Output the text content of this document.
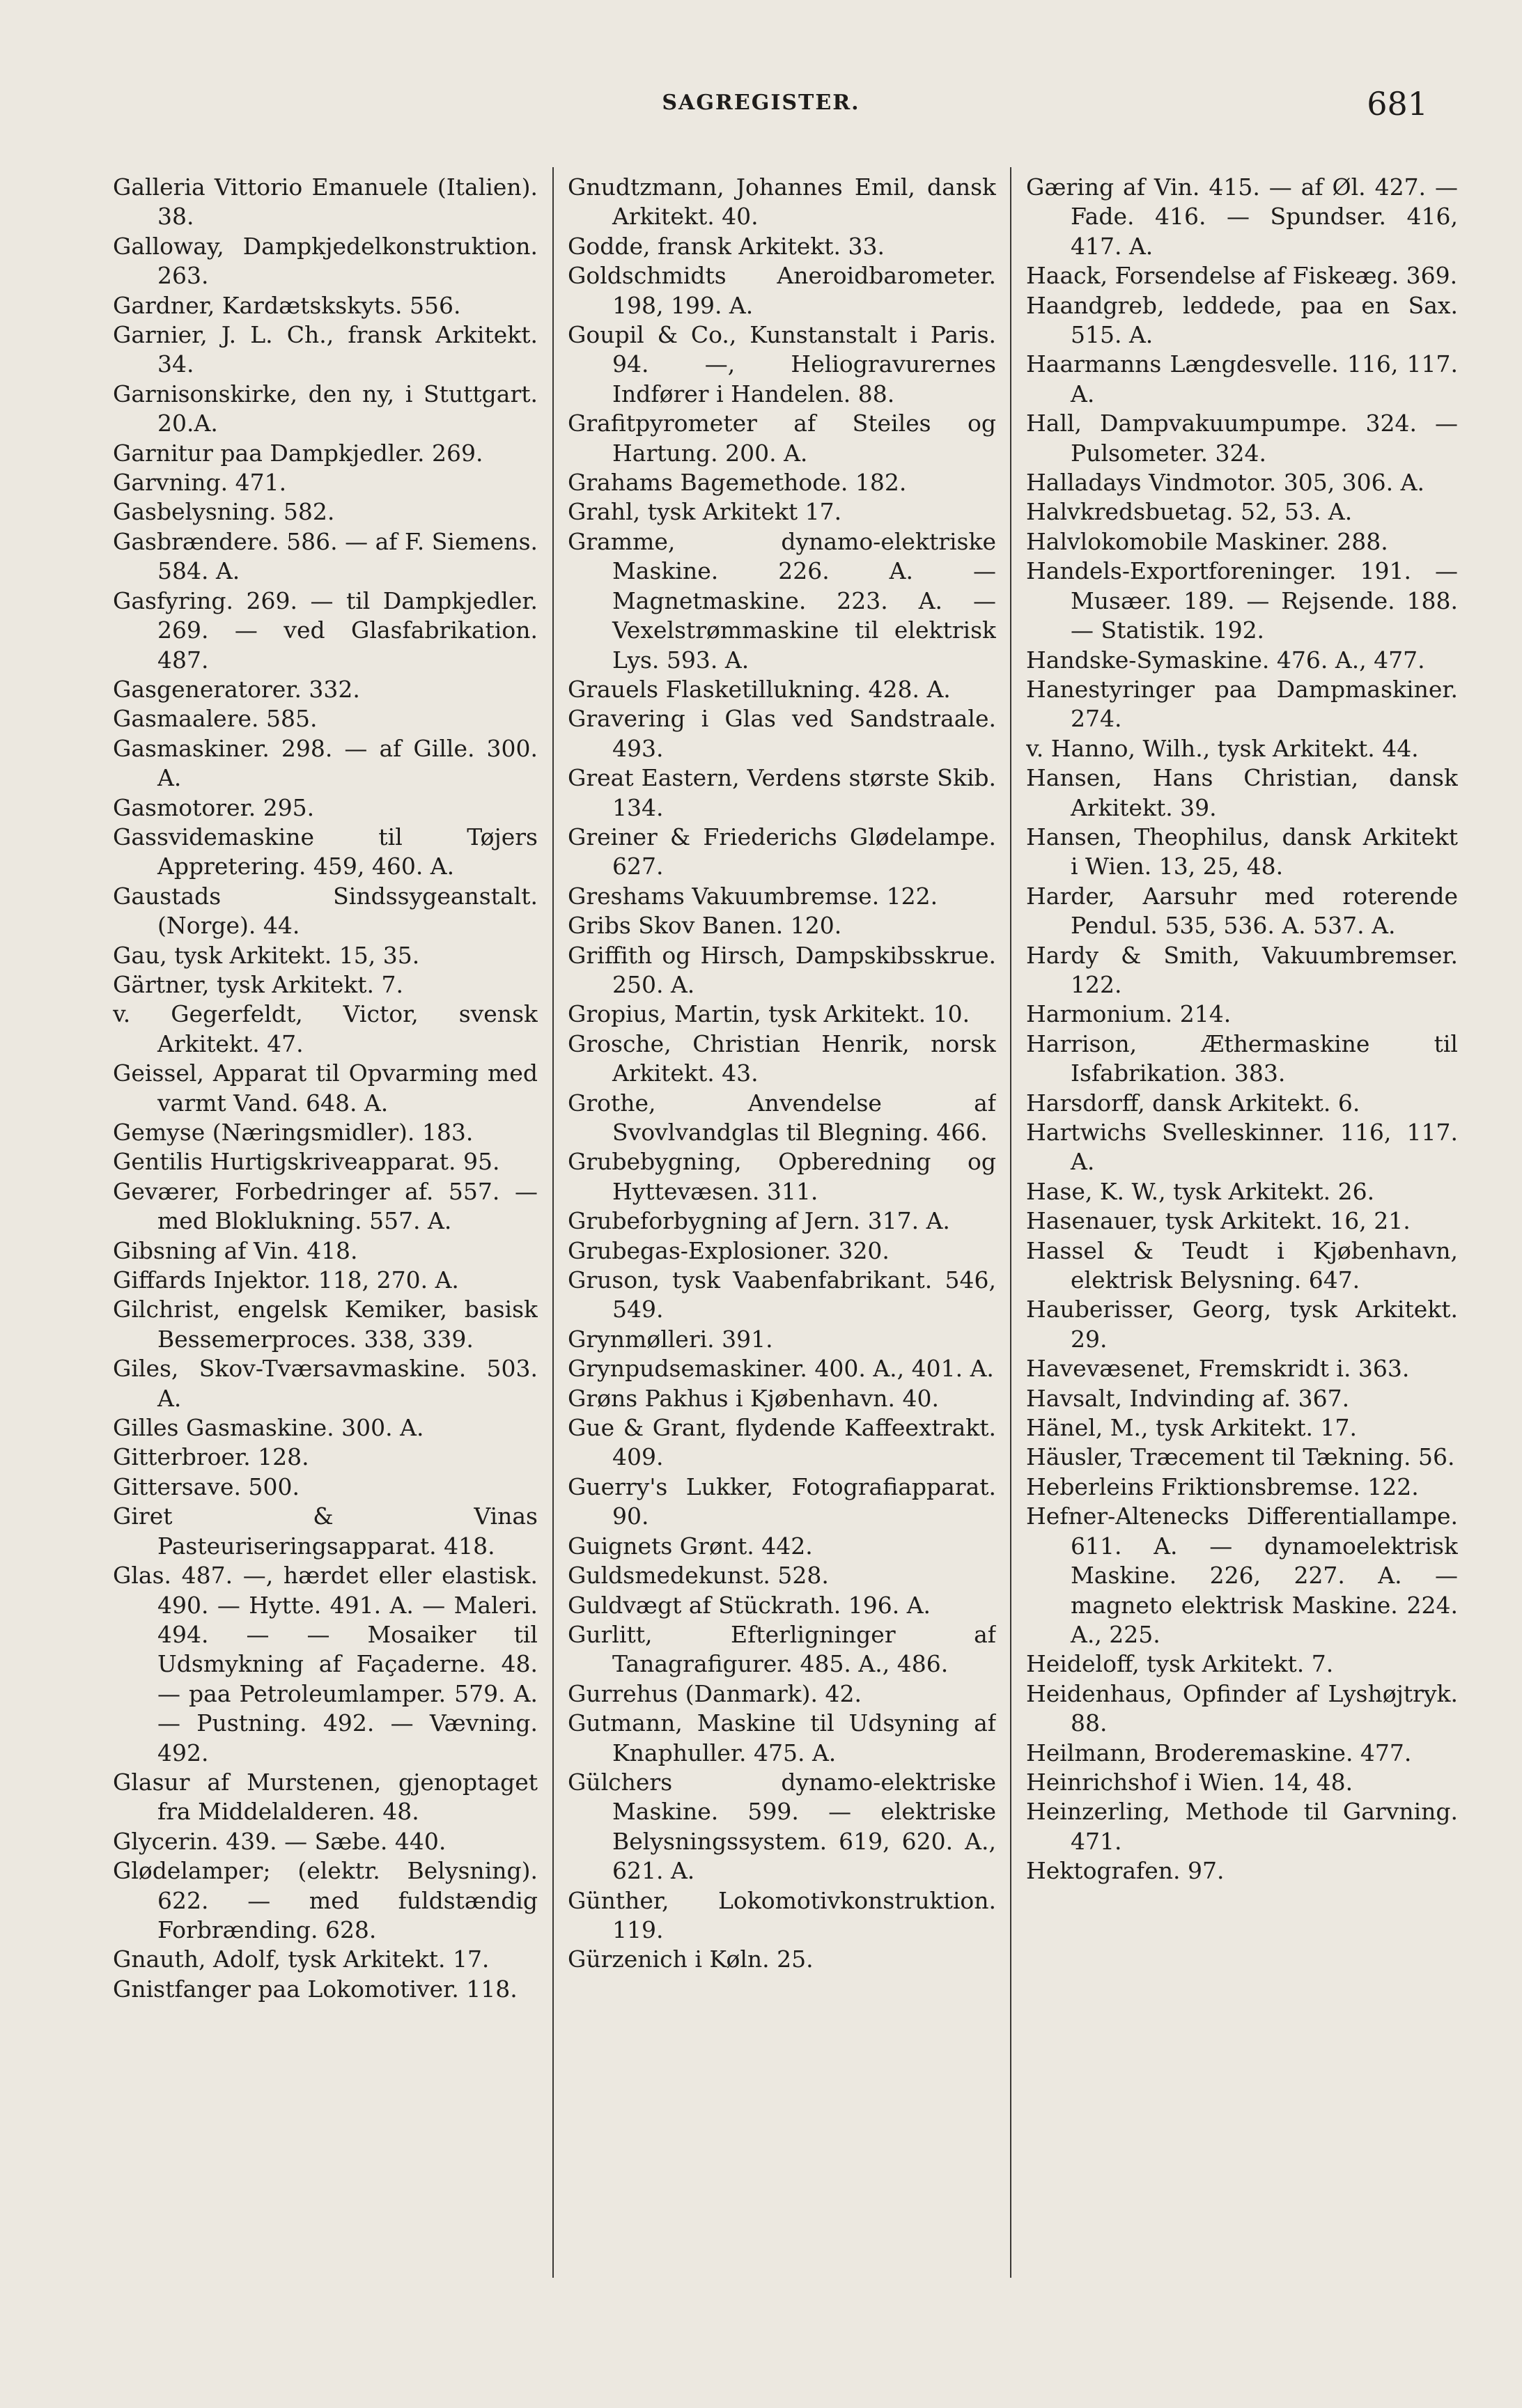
SAGREGISTER.	681

Galleria Vittorio Emanuele (Italien). 38.

Galloway, Dampkjedelkonstruktion. 263.

Gardner, Kardætskskyts. 556.

Garnier, J. L. Ch., fransk Arkitekt. 34.

Garnisonskirke, den ny, i Stuttgart. 20.A.

Garnitur paa Dampkjedler. 269.

Garvning. 471.

Gasbelysning. 582.

Gasbrændere. 586. — af F. Siemens. 584. A.

Gasfyring. 269. — til Dampkjedler. 269. — ved Glasfabrikation. 487.

Gasgeneratorer. 332.

Gasmaalere. 585.

Gasmaskiner. 298. — af Gille. 300. A.

Gasmotorer. 295.

Gassvidemaskine til Tøjers Appretering. 459, 460. A.

Gaustads Sindssygeanstalt. (Norge). 44.

Gau, tysk Arkitekt. 15, 35.

Gärtner, tysk Arkitekt. 7.

v. Gegerfeldt, Victor, svensk Arkitekt. 47.

Geissel, Apparat til Opvarming med varmt Vand. 648. A.

Gemyse (Næringsmidler). 183.

Gentilis Hurtigskriveapparat. 95.

Geværer, Forbedringer af. 557. — med Bloklukning. 557. A.

Gibsning af Vin. 418.

Giffards Injektor. 118, 270. A.

Gilchrist, engelsk Kemiker, basisk Bessemerproces. 338, 339.

Giles, Skov-Tværsavmaskine. 503. A.

Gilles Gasmaskine. 300. A.

Gitterbroer. 128.

Gittersave. 500.

Giret & Vinas Pasteuriseringsapparat. 418.

Glas. 487. —, hærdet eller elastisk. 490. — Hytte. 491. A. — Maleri. 494. — — Mosaiker til Udsmykning af Façaderne. 48. — paa Petroleumlamper. 579. A. — Pustning. 492. — Vævning. 492.

Glasur af Murstenen, gjenoptaget fra Middelalderen. 48.

Glycerin. 439. — Sæbe. 440.

Glødelamper; (elektr. Belysning). 622. — med fuldstændig Forbrænding. 628.

Gnauth, Adolf, tysk Arkitekt. 17.

Gnistfanger paa Lokomotiver. 118.

Gnudtzmann, Johannes Emil, dansk Arkitekt. 40.

Godde, fransk Arkitekt. 33.

Goldschmidts Aneroidbarometer. 198, 199. A.

Goupil & Co., Kunstanstalt i Paris. 94. —, Heliogravurernes Indfører i Handelen. 88.

Grafitpyrometer af Steiles og Hartung. 200. A.

Grahams Bagemethode. 182.

Grahl, tysk Arkitekt 17.

Gramme, dynamo-elektriske Maskine. 226. A. — Magnetmaskine. 223. A. — Vexelstrømmaskine til elektrisk Lys. 593. A.

Grauels Flasketillukning. 428. A.

Gravering i Glas ved Sandstraale. 493.

Great Eastern, Verdens største Skib. 134.

Greiner & Friederichs Glødelampe. 627.

Greshams Vakuumbremse. 122.

Gribs Skov Banen. 120.

Griffith og Hirsch, Dampskibsskrue. 250. A.

Gropius, Martin, tysk Arkitekt. 10.

Grosche, Christian Henrik, norsk Arkitekt. 43.

Grothe, Anvendelse af Svovlvandglas til Blegning. 466.

Grubebygning, Opberedning og Hyttevæsen. 311.

Grubeforbygning af Jern. 317. A.

Grubegas-Explosioner. 320.

Gruson, tysk Vaabenfabrikant. 546, 549.

Grynmølleri. 391.

Grynpudsemaskiner. 400. A., 401. A.

Grøns Pakhus i Kjøbenhavn. 40.

Gue & Grant, flydende Kaffeextrakt. 409.

Guerry's Lukker, Fotografiapparat. 90.

Guignets Grønt. 442.

Guldsmedekunst. 528.

Guldvægt af Stückrath. 196. A.

Gurlitt, Efterligninger af Tanagrafigurer. 485. A., 486.

Gurrehus (Danmark). 42.

Gutmann, Maskine til Udsyning af Knaphuller. 475. A.

Gülchers dynamo-elektriske Maskine. 599. — elektriske Belysningssystem. 619, 620. A., 621. A.

Günther, Lokomotivkonstruktion. 119.

Gürzenich i Køln. 25.

Gæring af Vin. 415. — af Øl. 427. — Fade. 416. — Spundser. 416, 417. A.

Haack, Forsendelse af Fiskeæg. 369.

Haandgreb, leddede, paa en Sax. 515. A.

Haarmanns Længdesvelle. 116, 117. A.

Hall, Dampvakuumpumpe. 324. — Pulsometer. 324.

Halladays Vindmotor. 305, 306. A.

Halvkredsbuetag. 52, 53. A.

Halvlokomobile Maskiner. 288.

Handels-Exportforeninger. 191. — Musæer. 189. — Rejsende. 188. — Statistik. 192.

Handske-Symaskine. 476. A., 477.

Hanestyringer paa Dampmaskiner. 274.

v. Hanno, Wilh., tysk Arkitekt. 44.

Hansen, Hans Christian, dansk Arkitekt. 39.

Hansen, Theophilus, dansk Arkitekt i Wien. 13, 25, 48.

Harder, Aarsuhr med roterende Pendul. 535, 536. A. 537. A.

Hardy & Smith, Vakuumbremser. 122.

Harmonium. 214.

Harrison, Æthermaskine til Isfabrikation. 383.

Harsdorff, dansk Arkitekt. 6.

Hartwichs Svelleskinner. 116, 117. A.

Hase, K. W., tysk Arkitekt. 26.

Hasenauer, tysk Arkitekt. 16, 21.

Hassel & Teudt i Kjøbenhavn, elektrisk Belysning. 647.

Hauberisser, Georg, tysk Arkitekt. 29.

Havevæsenet, Fremskridt i. 363.

Havsalt, Indvinding af. 367.

Hänel, M., tysk Arkitekt. 17.

Häusler, Træcement til Tækning. 56.

Heberleins Friktionsbremse. 122.

Hefner-Altenecks Differentiallampe. 611. A. — dynamoelektrisk Maskine. 226, 227. A. — magneto elektrisk Maskine. 224. A., 225.

Heideloff, tysk Arkitekt. 7.

Heidenhaus, Opfinder af Lyshøjtryk. 88.

Heilmann, Broderemaskine. 477.

Heinrichshof i Wien. 14, 48.

Heinzerling, Methode til Garvning. 471.

Hektografen. 97.
